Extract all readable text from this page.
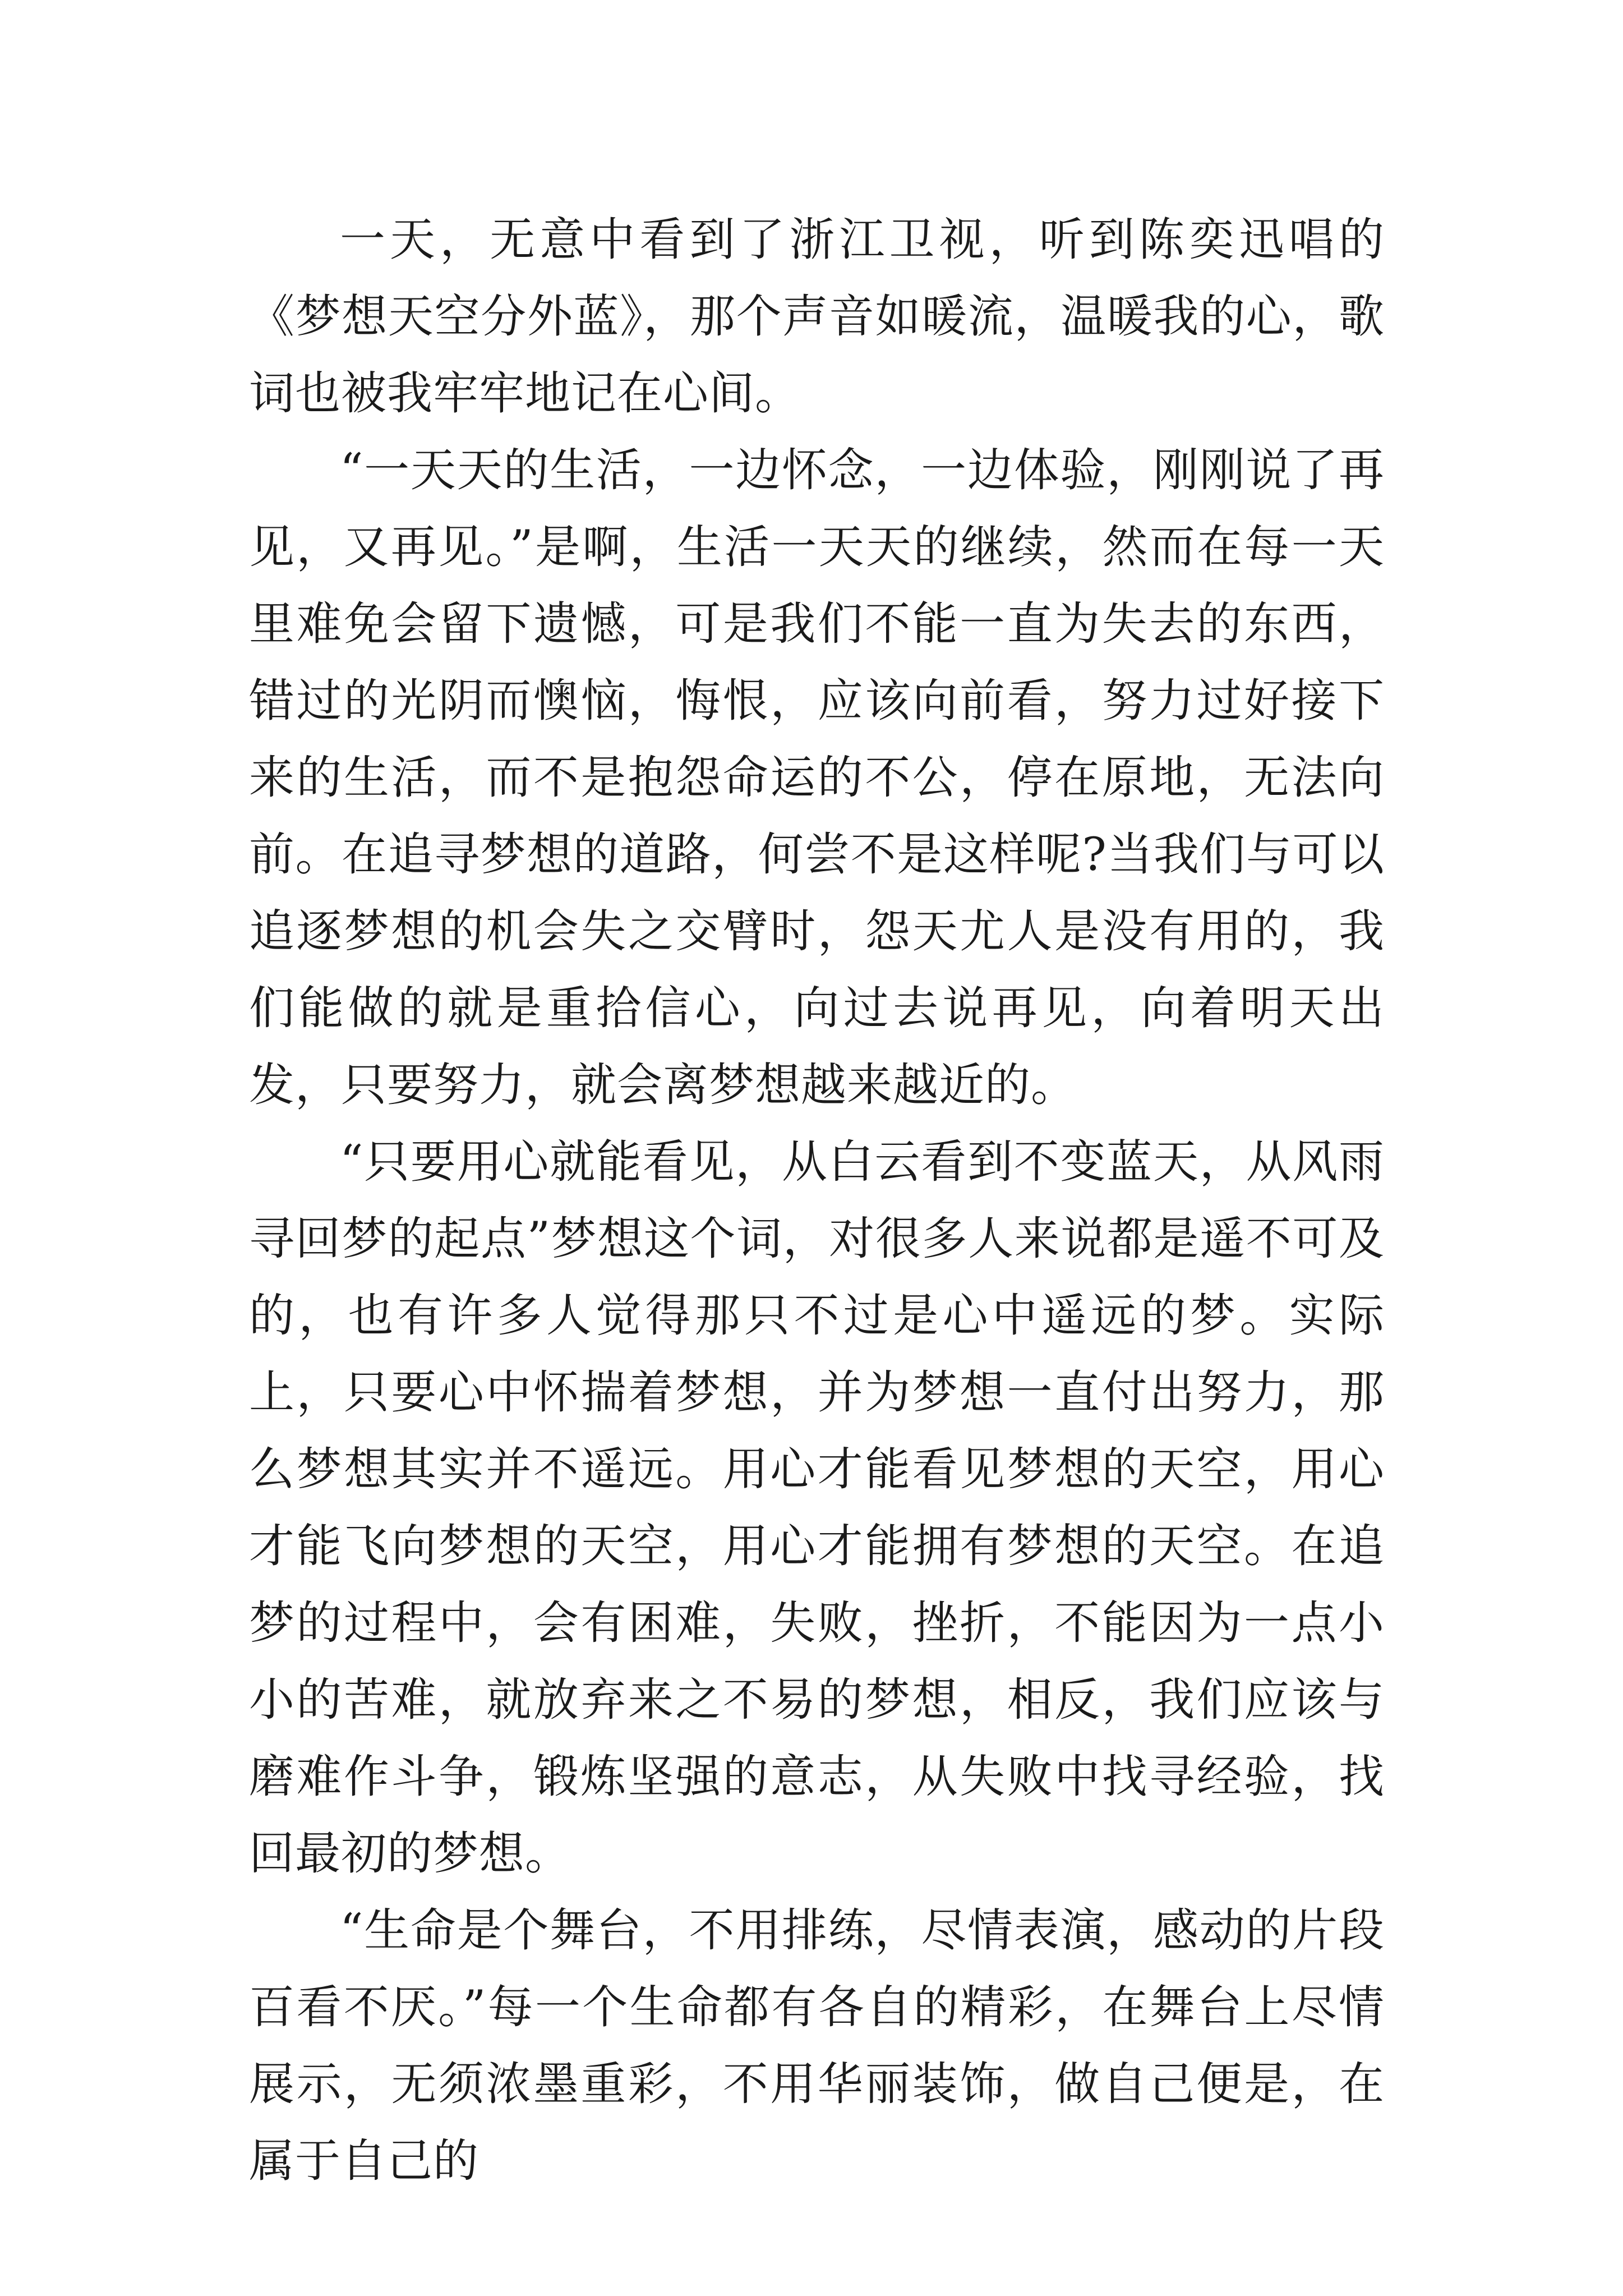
一天，无意中看到了浙江卫视，听到陈奕迅唱的《梦想天空分外蓝》，那个声音如暖流，温暖我的心，歌词也被我牢牢地记在心间。

“一天天的生活，一边怀念，一边体验，刚刚说了再见，又再见。”是啊，生活一天天的继续，然而在每一天里难免会留下遗憾，可是我们不能一直为失去的东西，错过的光阴而懊恼，悔恨，应该向前看，努力过好接下来的生活，而不是抱怨命运的不公，停在原地，无法向前。在追寻梦想的道路，何尝不是这样呢?当我们与可以追逐梦想的机会失之交臂时，怨天尤人是没有用的，我们能做的就是重拾信心，向过去说再见，向着明天出发，只要努力，就会离梦想越来越近的。

“只要用心就能看见，从白云看到不变蓝天，从风雨寻回梦的起点”梦想这个词，对很多人来说都是遥不可及的，也有许多人觉得那只不过是心中遥远的梦。实际上，只要心中怀揣着梦想，并为梦想一直付出努力，那么梦想其实并不遥远。用心才能看见梦想的天空，用心才能飞向梦想的天空，用心才能拥有梦想的天空。在追梦的过程中，会有困难，失败，挫折，不能因为一点小小的苦难，就放弃来之不易的梦想，相反，我们应该与磨难作斗争，锻炼坚强的意志，从失败中找寻经验，找回最初的梦想。

“生命是个舞台，不用排练，尽情表演，感动的片段百看不厌。”每一个生命都有各自的精彩，在舞台上尽情展示，无须浓墨重彩，不用华丽装饰，做自己便是，在属于自己的
